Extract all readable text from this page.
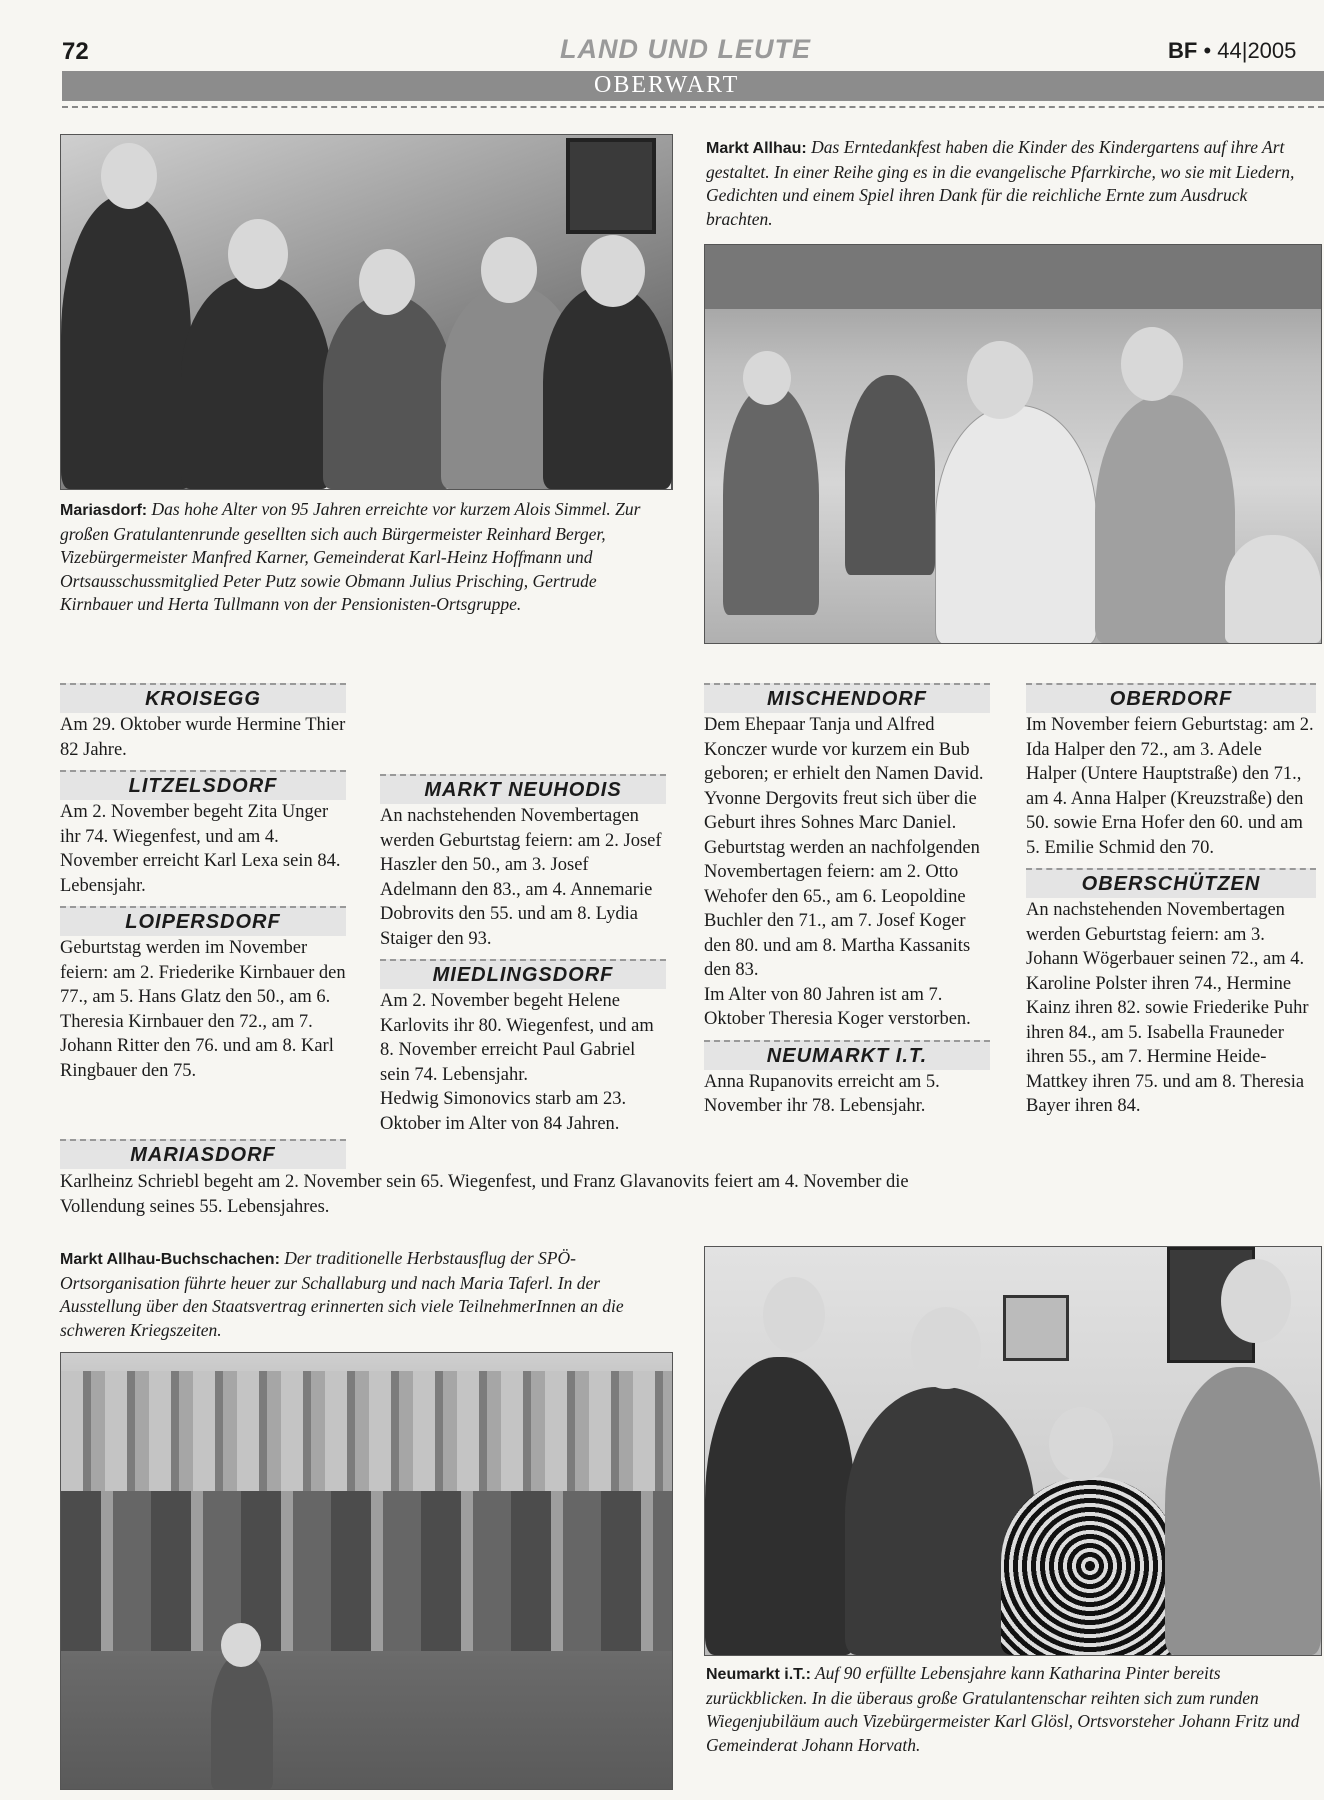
72	LAND UND LEUTE	BF • 44|2005
OBERWART
Markt Allhau: Das Erntedankfest haben die Kinder des Kindergartens auf ihre Art gestaltet. In einer Reihe ging es in die evangelische Pfarrkirche, wo sie mit Liedern, Gedichten und einem Spiel ihren Dank für die reichliche Ernte zum Ausdruck brachten.
Mariasdorf: Das hohe Alter von 95 Jahren erreichte vor kurzem Alois Simmel. Zur großen Gratulantenrunde gesellten sich auch Bürgermeister Reinhard Berger, Vizebürgermeister Manfred Karner, Gemeinderat Karl-Heinz Hoffmann und Ortsausschussmitglied Peter Putz sowie Obmann Julius Prisching, Gertrude Kirnbauer und Herta Tullmann von der Pensionisten-Ortsgruppe.
KROISEGG
Am 29. Oktober wurde Hermine Thier 82 Jahre.
LITZELSDORF
Am 2. November begeht Zita Unger ihr 74. Wiegenfest, und am 4. November erreicht Karl Lexa sein 84. Lebensjahr.
LOIPERSDORF
Geburtstag werden im November feiern: am 2. Friederike Kirnbauer den 77., am 5. Hans Glatz den 50., am 6. Theresia Kirnbauer den 72., am 7. Johann Ritter den 76. und am 8. Karl Ringbauer den 75.
MARIASDORF
MARKT NEUHODIS
An nachstehenden Novembertagen werden Geburtstag feiern: am 2. Josef Haszler den 50., am 3. Josef Adelmann den 83., am 4. Annemarie Dobrovits den 55. und am 8. Lydia Staiger den 93.
MIEDLINGSDORF
Am 2. November begeht Helene Karlovits ihr 80. Wiegenfest, und am 8. November erreicht Paul Gabriel sein 74. Lebensjahr.
Hedwig Simonovics starb am 23. Oktober im Alter von 84 Jahren.
Karlheinz Schriebl begeht am 2. November sein 65. Wiegenfest, und Franz Glavanovits feiert am 4. November die Vollendung seines 55. Lebensjahres.
MISCHENDORF
Dem Ehepaar Tanja und Alfred Konczer wurde vor kurzem ein Bub geboren; er erhielt den Namen David. Yvonne Dergovits freut sich über die Geburt ihres Sohnes Marc Daniel. Geburtstag werden an nachfolgenden Novembertagen feiern: am 2. Otto Wehofer den 65., am 6. Leopoldine Buchler den 71., am 7. Josef Koger den 80. und am 8. Martha Kassanits den 83.
Im Alter von 80 Jahren ist am 7. Oktober Theresia Koger verstorben.
NEUMARKT I.T.
Anna Rupanovits erreicht am 5. November ihr 78. Lebensjahr.
OBERDORF
Im November feiern Geburtstag: am 2. Ida Halper den 72., am 3. Adele Halper (Untere Hauptstraße) den 71., am 4. Anna Halper (Kreuzstraße) den 50. sowie Erna Hofer den 60. und am 5. Emilie Schmid den 70.
OBERSCHÜTZEN
An nachstehenden Novembertagen werden Geburtstag feiern: am 3. Johann Wögerbauer seinen 72., am 4. Karoline Polster ihren 74., Hermine Kainz ihren 82. sowie Friederike Puhr ihren 84., am 5. Isabella Frauneder ihren 55., am 7. Hermine Heide-Mattkey ihren 75. und am 8. Theresia Bayer ihren 84.
Markt Allhau-Buchschachen: Der traditionelle Herbstausflug der SPÖ-Ortsorganisation führte heuer zur Schallaburg und nach Maria Taferl. In der Ausstellung über den Staatsvertrag erinnerten sich viele TeilnehmerInnen an die schweren Kriegszeiten.
Neumarkt i.T.: Auf 90 erfüllte Lebensjahre kann Katharina Pinter bereits zurückblicken. In die überaus große Gratulantenschar reihten sich zum runden Wiegenjubiläum auch Vizebürgermeister Karl Glösl, Ortsvorsteher Johann Fritz und Gemeinderat Johann Horvath.
